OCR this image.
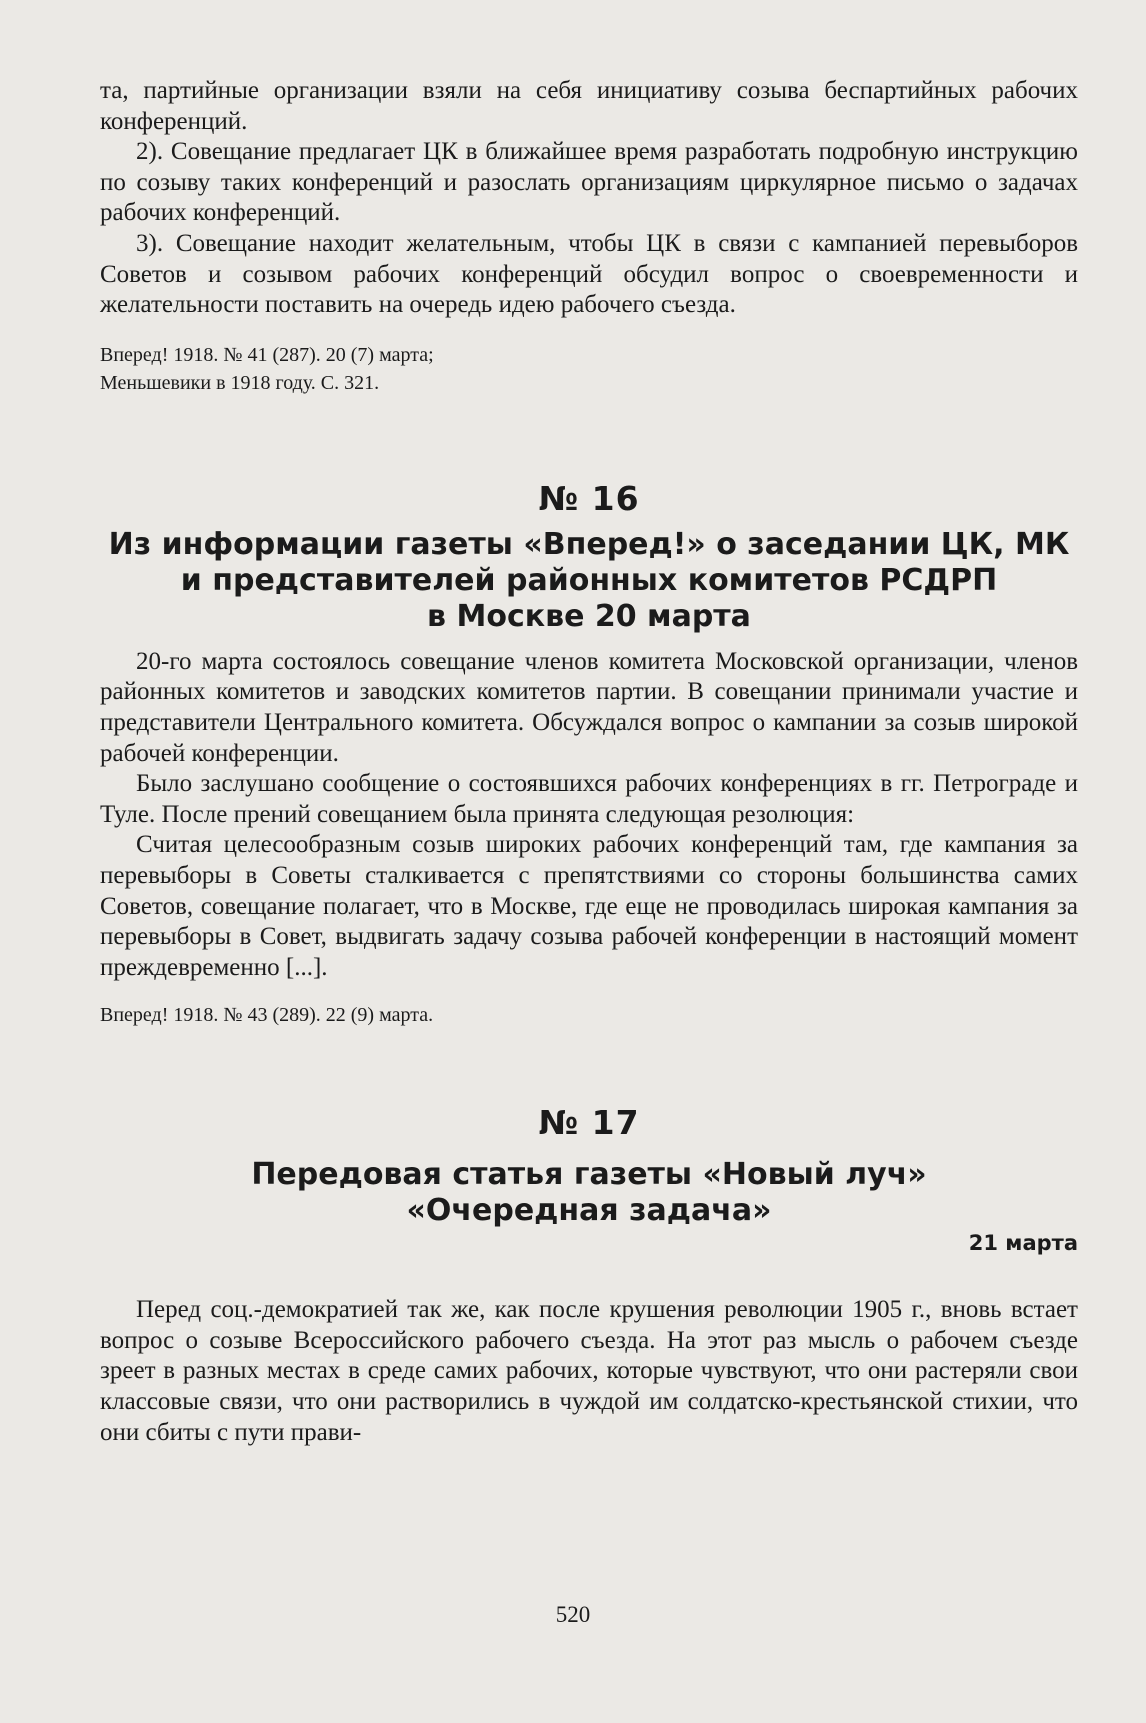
та, партийные организации взяли на себя инициативу созыва беспартийных рабочих конференций.

2). Совещание предлагает ЦК в ближайшее время разработать подробную инструкцию по созыву таких конференций и разослать организациям циркулярное письмо о задачах рабочих конференций.

3). Совещание находит желательным, чтобы ЦК в связи с кампанией перевыборов Советов и созывом рабочих конференций обсудил вопрос о своевременности и желательности поставить на очередь идею рабочего съезда.

Вперед! 1918. № 41 (287). 20 (7) марта;

Меньшевики в 1918 году. С. 321.

№ 16
Из информации газеты «Вперед!» о заседании ЦК, МК
и представителей районных комитетов РСДРП
в Москве 20 марта

20-го марта состоялось совещание членов комитета Московской организации, членов районных комитетов и заводских комитетов партии. В совещании принимали участие и представители Центрального комитета. Обсуждался вопрос о кампании за созыв широкой рабочей конференции.

Было заслушано сообщение о состоявшихся рабочих конференциях в гг. Петрограде и Туле. После прений совещанием была принята следующая резолюция:

Считая целесообразным созыв широких рабочих конференций там, где кампания за перевыборы в Советы сталкивается с препятствиями со стороны большинства самих Советов, совещание полагает, что в Москве, где еще не проводилась широкая кампания за перевыборы в Совет, выдвигать задачу созыва рабочей конференции в настоящий момент преждевременно [...].

Вперед! 1918. № 43 (289). 22 (9) марта.

№ 17
Передовая статья газеты «Новый луч»
«Очередная задача»
21 марта

Перед соц.-демократией так же, как после крушения революции 1905 г., вновь встает вопрос о созыве Всероссийского рабочего съезда. На этот раз мысль о рабочем съезде зреет в разных местах в среде самих рабочих, которые чувствуют, что они растеряли свои классовые связи, что они растворились в чуждой им солдатско-крестьянской стихии, что они сбиты с пути прави-

520
